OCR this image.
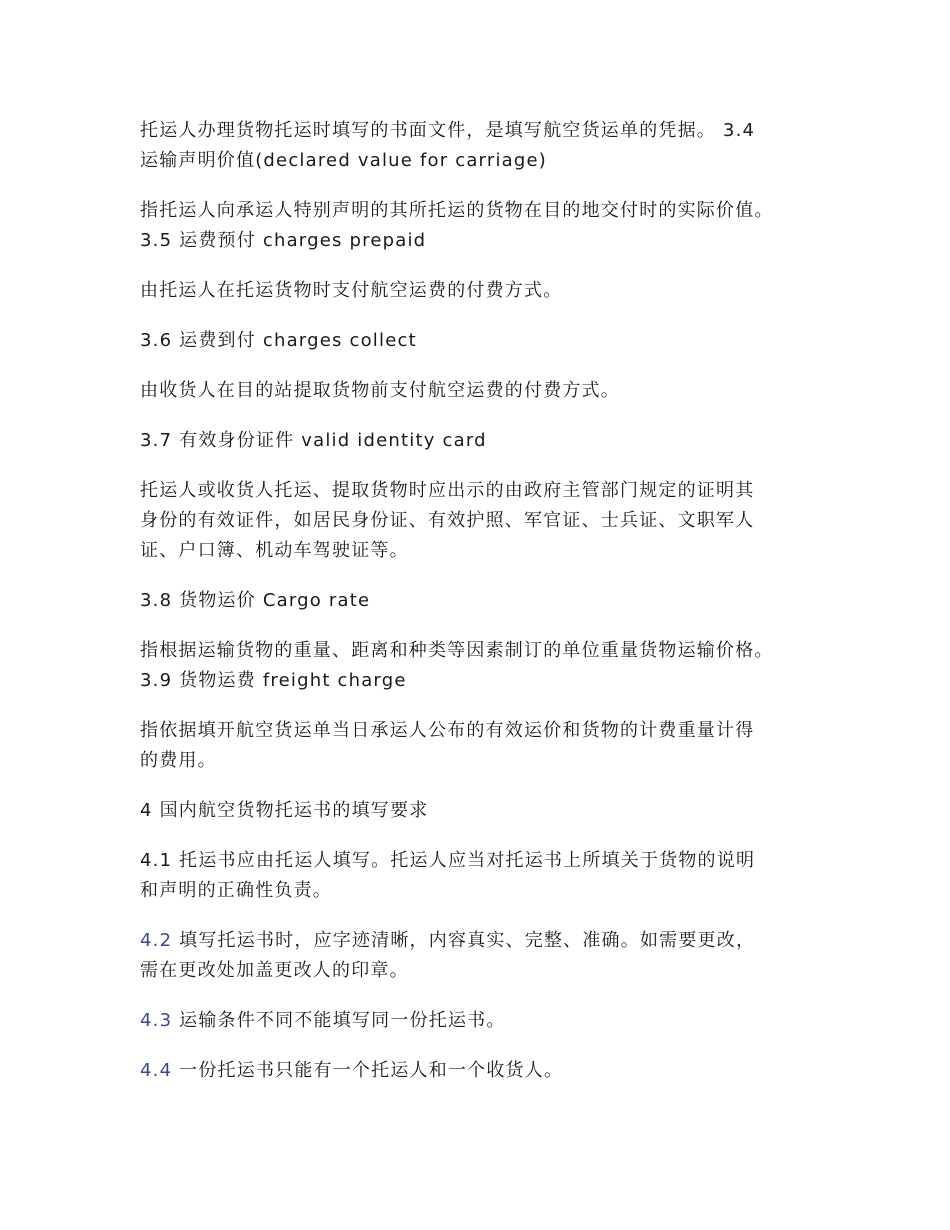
托运人办理货物托运时填写的书面文件，是填写航空货运单的凭据。 3.4
运输声明价值(declared value for carriage)

指托运人向承运人特别声明的其所托运的货物在目的地交付时的实际价值。
3.5 运费预付 charges prepaid

由托运人在托运货物时支付航空运费的付费方式。

3.6 运费到付 charges collect

由收货人在目的站提取货物前支付航空运费的付费方式。

3.7 有效身份证件 valid identity card

托运人或收货人托运、提取货物时应出示的由政府主管部门规定的证明其
身份的有效证件，如居民身份证、有效护照、军官证、士兵证、文职军人
证、户口簿、机动车驾驶证等。

3.8 货物运价 Cargo rate

指根据运输货物的重量、距离和种类等因素制订的单位重量货物运输价格。
3.9 货物运费 freight charge

指依据填开航空货运单当日承运人公布的有效运价和货物的计费重量计得
的费用。

4 国内航空货物托运书的填写要求

4.1 托运书应由托运人填写。托运人应当对托运书上所填关于货物的说明
和声明的正确性负责。

4.2 填写托运书时，应字迹清晰，内容真实、完整、准确。如需要更改，
需在更改处加盖更改人的印章。

4.3 运输条件不同不能填写同一份托运书。

4.4 一份托运书只能有一个托运人和一个收货人。
